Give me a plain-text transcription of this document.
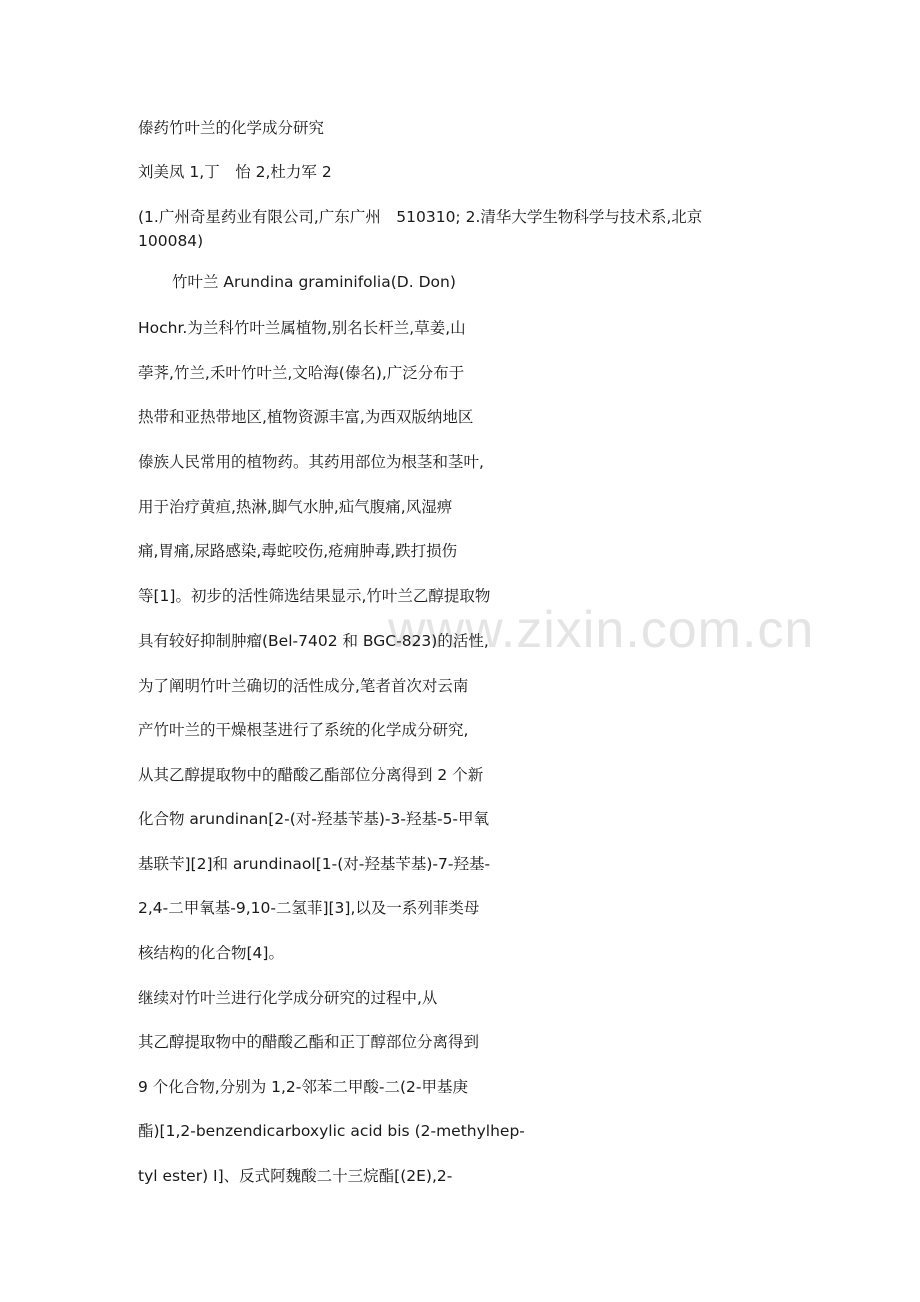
www.zixin.com.cn
傣药竹叶兰的化学成分研究
刘美凤 1,丁　怡 2,杜力军 2
(1.广州奇星药业有限公司,广东广州　510310; 2.清华大学生物科学与技术系,北京 100084)
竹叶兰 Arundina graminifolia(D. Don)
Hochr.为兰科竹叶兰属植物,别名长杆兰,草姜,山
荸荠,竹兰,禾叶竹叶兰,文哈海(傣名),广泛分布于
热带和亚热带地区,植物资源丰富,为西双版纳地区
傣族人民常用的植物药。其药用部位为根茎和茎叶,
用于治疗黄疸,热淋,脚气水肿,疝气腹痛,风湿痹
痛,胃痛,尿路感染,毒蛇咬伤,疮痈肿毒,跌打损伤
等[1]。初步的活性筛选结果显示,竹叶兰乙醇提取物
具有较好抑制肿瘤(Bel-7402 和 BGC-823)的活性,
为了阐明竹叶兰确切的活性成分,笔者首次对云南
产竹叶兰的干燥根茎进行了系统的化学成分研究,
从其乙醇提取物中的醋酸乙酯部位分离得到 2 个新
化合物 arundinan[2-(对-羟基苄基)-3-羟基-5-甲氧
基联苄][2]和 arundinaol[1-(对-羟基苄基)-7-羟基-
2,4-二甲氧基-9,10-二氢菲][3],以及一系列菲类母
核结构的化合物[4]。
继续对竹叶兰进行化学成分研究的过程中,从
其乙醇提取物中的醋酸乙酯和正丁醇部位分离得到
9 个化合物,分别为 1,2-邻苯二甲酸-二(2-甲基庚
酯)[1,2-benzendicarboxylic acid bis (2-methylhep-
tyl ester) Ⅰ]、反式阿魏酸二十三烷酯[(2E),2-
